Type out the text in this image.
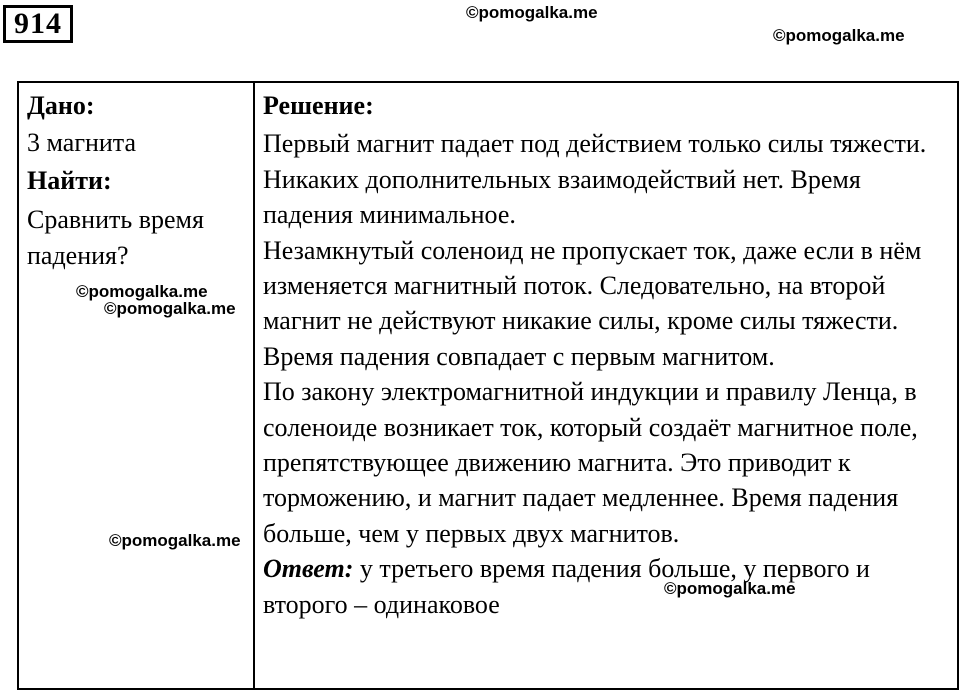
914	©pomogalka.me
©pomogalka.me
Дано:
3 магнита
Найти:
Сравнить время падения?

Решение:
Первый магнит падает под действием только силы тяжести. Никаких дополнительных взаимодействий нет. Время падения минимальное.
Незамкнутый соленоид не пропускает ток, даже если в нём изменяется магнитный поток. Следовательно, на второй магнит не действуют никакие силы, кроме силы тяжести. Время падения совпадает с первым магнитом.
По закону электромагнитной индукции и правилу Ленца, в соленоиде возникает ток, который создаёт магнитное поле, препятствующее движению магнита. Это приводит к торможению, и магнит падает медленнее. Время падения больше, чем у первых двух магнитов.
Ответ: у третьего время падения больше, у первого и второго – одинаковое
©pomogalka.me
©pomogalka.me
©pomogalka.me
©pomogalka.me
